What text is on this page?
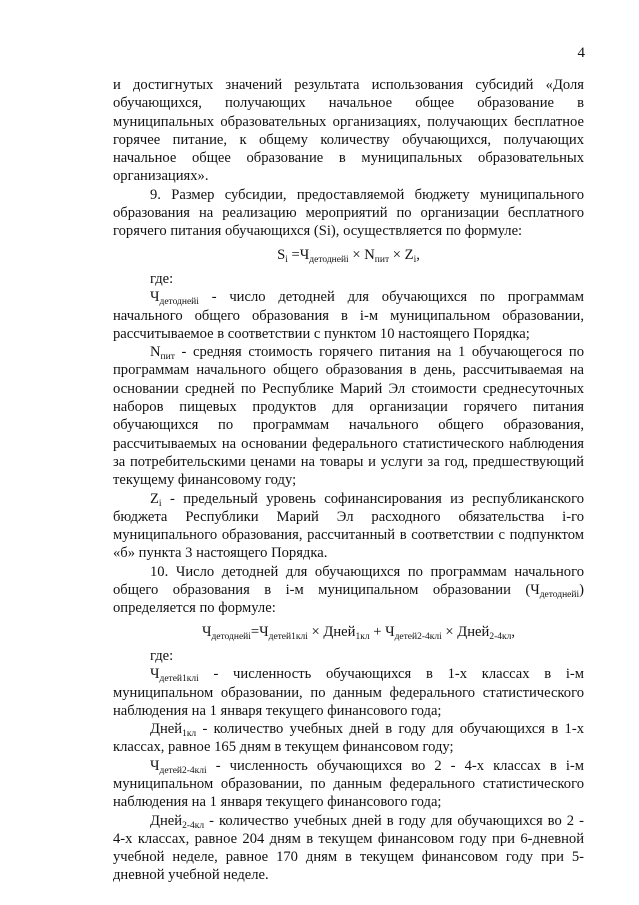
4

и достигнутых значений результата использования субсидий «Доля обучающихся, получающих начальное общее образование в муниципальных образовательных организациях, получающих бесплатное горячее питание, к общему количеству обучающихся, получающих начальное общее образование в муниципальных образовательных организациях».

9. Размер субсидии, предоставляемой бюджету муниципального образования на реализацию мероприятий по организации бесплатного горячего питания обучающихся (Si), осуществляется по формуле:

$S_i =Ч_{детоднейi} \times N_{пит} \times Z_i$,

где:

$Ч_{детоднейi}$ - число детодней для обучающихся по программам начального общего образования в i-м муниципальном образовании, рассчитываемое в соответствии с пунктом 10 настоящего Порядка;

$N_{пит}$ - средняя стоимость горячего питания на 1 обучающегося по программам начального общего образования в день, рассчитываемая на основании средней по Республике Марий Эл стоимости среднесуточных наборов пищевых продуктов для организации горячего питания обучающихся по программам начального общего образования, рассчитываемых на основании федерального статистического наблюдения за потребительскими ценами на товары и услуги за год, предшествующий текущему финансовому году;

$Z_i$ - предельный уровень софинансирования из республиканского бюджета Республики Марий Эл расходного обязательства i-го муниципального образования, рассчитанный в соответствии с подпунктом «б» пункта 3 настоящего Порядка.

10. Число детодней для обучающихся по программам начального общего образования в i-м муниципальном образовании $(Ч_{детоднейi})$ определяется по формуле:

$Ч_{детоднейi}=Ч_{детей1клi}$ × Дней$_{1кл}$ + $Ч_{детей2-4клi}$ × Дней$_{2-4кл}$,

где:

$Ч_{детей1клi}$ - численность обучающихся в 1-х классах в i-м муниципальном образовании, по данным федерального статистического наблюдения на 1 января текущего финансового года;

Дней$_{1кл}$ - количество учебных дней в году для обучающихся в 1-х классах, равное 165 дням в текущем финансовом году;

$Ч_{детей2-4клi}$ - численность обучающихся во 2 - 4-х классах в i-м муниципальном образовании, по данным федерального статистического наблюдения на 1 января текущего финансового года;

Дней$_{2-4кл}$ - количество учебных дней в году для обучающихся во 2 - 4-х классах, равное 204 дням в текущем финансовом году при 6-дневной учебной неделе, равное 170 дням в текущем финансовом году при 5-дневной учебной неделе.
